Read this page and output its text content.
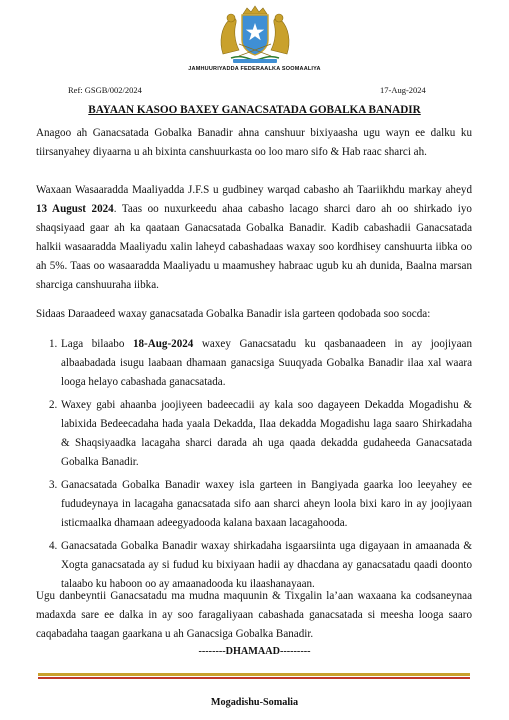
JAMHUURIYADDA FEDERAALKA SOOMAALIYA
Ref: GSGB/002/2024	17-Aug-2024
BAYAAN KASOO BAXEY GANACSATADA GOBALKA BANADIR

Anagoo ah Ganacsatada Gobalka Banadir ahna canshuur bixiyaasha ugu wayn ee dalku ku tiirsanyahey diyaarna u ah bixinta canshuurkasta oo loo maro sifo & Hab raac sharci ah.

Waxaan Wasaaradda Maaliyadda J.F.S u gudbiney warqad cabasho ah Taariikhdu markay aheyd 13 August 2024. Taas oo nuxurkeedu ahaa cabasho lacago sharci daro ah oo shirkado iyo shaqsiyaad gaar ah ka qaataan Ganacsatada Gobalka Banadir. Kadib cabashadii Ganacsatada halkii wasaaradda Maaliyadu xalin laheyd cabashadaas waxay soo kordhisey canshuurta iibka oo ah 5%. Taas oo wasaaradda Maaliyadu u maamushey habraac ugub ku ah dunida, Baalna marsan sharciga canshuuraha iibka.

Sidaas Daraadeed waxay ganacsatada Gobalka Banadir isla garteen qodobada soo socda:

1. Laga bilaabo 18-Aug-2024 waxey Ganacsatadu ku qasbanaadeen in ay joojiyaan albaabadada isugu laabaan dhamaan ganacsiga Suuqyada Gobalka Banadir ilaa xal waara looga helayo cabashada ganacsatada.
2. Waxey gabi ahaanba joojiyeen badeecadii ay kala soo dagayeen Dekadda Mogadishu & labixida Bedeecadaha hada yaala Dekadda, Ilaa dekadda Mogadishu laga saaro Shirkadaha & Shaqsiyaadka lacagaha sharci darada ah uga qaada dekadda gudaheeda Ganacsatada Gobalka Banadir.
3. Ganacsatada Gobalka Banadir waxey isla garteen in Bangiyada gaarka loo leeyahey ee fududeynaya in lacagaha ganacsatada sifo aan sharci aheyn loola bixi karo in ay joojiyaan isticmaalka dhamaan adeegyadooda kalana baxaan lacagahooda.
4. Ganacsatada Gobalka Banadir waxay shirkadaha isgaarsiinta uga digayaan in amaanada & Xogta ganacsatada ay si fudud ku bixiyaan hadii ay dhacdana ay ganacsatadu qaadi doonto talaabo ku haboon oo ay amaanadooda ku ilaashanayaan.

Ugu danbeyntii Ganacsatadu ma mudna maquunin & Tixgalin la’aan waxaana ka codsaneynaa madaxda sare ee dalka in ay soo faragaliyaan cabashada ganacsatada si meesha looga saaro caqabadaha taagan gaarkana u ah Ganacsiga Gobalka Banadir.

--------DHAMAAD---------
Mogadishu-Somalia
